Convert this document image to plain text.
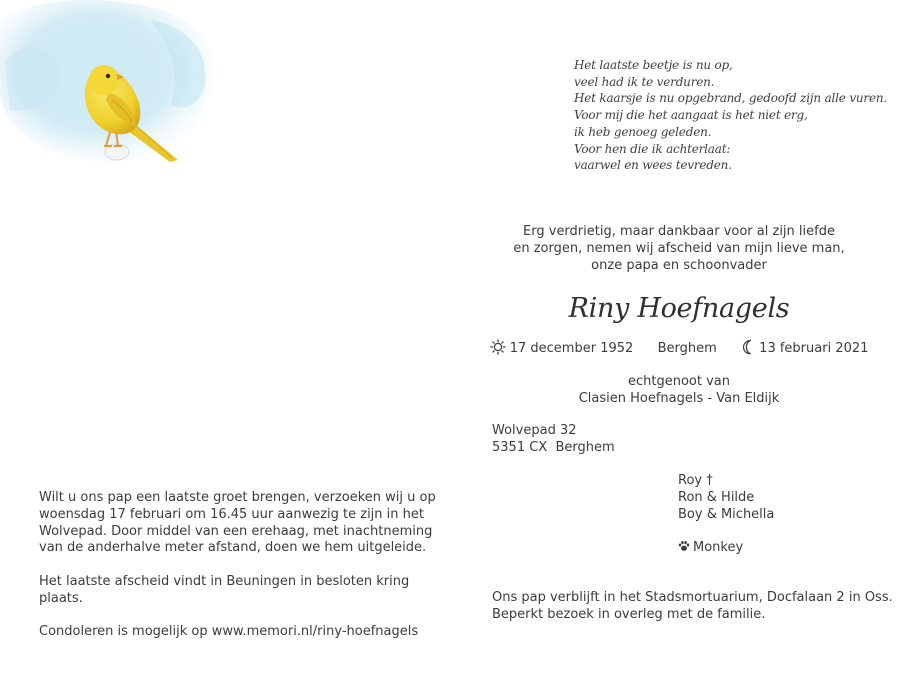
Het laatste beetje is nu op,
veel had ik te verduren.
Het kaarsje is nu opgebrand, gedoofd zijn alle vuren.
Voor mij die het aangaat is het niet erg,
ik heb genoeg geleden.
Voor hen die ik achterlaat:
vaarwel en wees tevreden.
Erg verdrietig, maar dankbaar voor al zijn liefde
en zorgen, nemen wij afscheid van mijn lieve man,
onze papa en schoonvader
Riny Hoefnagels
17 december 1952 Berghem	13 februari 2021
echtgenoot van
Clasien Hoefnagels - Van Eldijk
Wolvepad 32
5351 CX  Berghem
Roy †
Ron & Hilde
Boy & Michella
Monkey
Ons pap verblijft in het Stadsmortuarium, Docfalaan 2 in Oss.
Beperkt bezoek in overleg met de familie.

Wilt u ons pap een laatste groet brengen, verzoeken wij u op

woensdag 17 februari om 16.45 uur aanwezig te zijn in het

Wolvepad. Door middel van een erehaag, met inachtneming

van de anderhalve meter afstand, doen we hem uitgeleide.

Het laatste afscheid vindt in Beuningen in besloten kring plaats.

Condoleren is mogelijk op www.memori.nl/riny-hoefnagels
